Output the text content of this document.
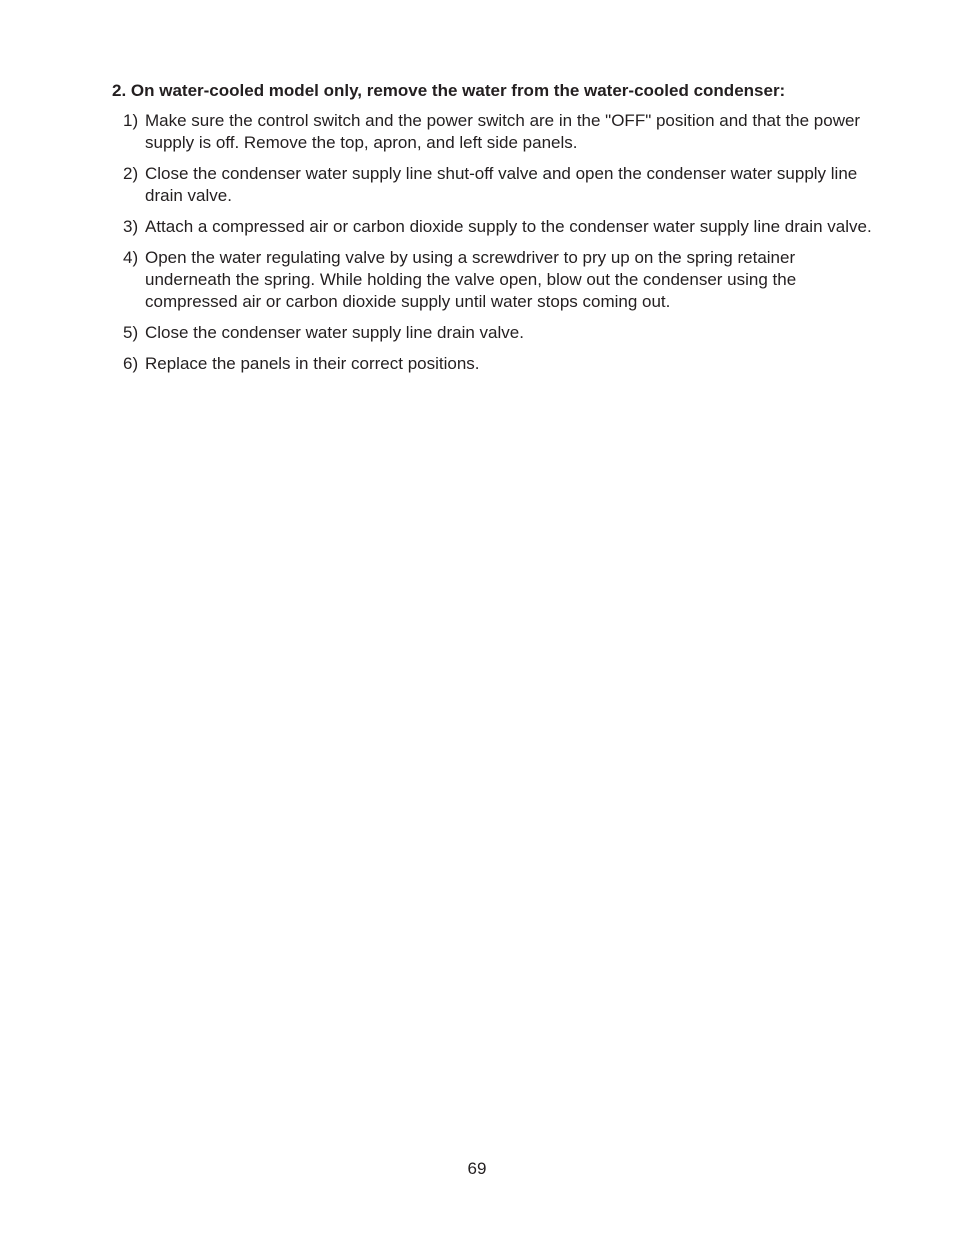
2. On water-cooled model only, remove the water from the water-cooled condenser:
1) Make sure the control switch and the power switch are in the "OFF" position and that the power supply is off. Remove the top, apron, and left side panels.
2) Close the condenser water supply line shut-off valve and open the condenser water supply line drain valve.
3) Attach a compressed air or carbon dioxide supply to the condenser water supply line drain valve.
4) Open the water regulating valve by using a screwdriver to pry up on the spring retainer underneath the spring. While holding the valve open, blow out the condenser using the compressed air or carbon dioxide supply until water stops coming out.
5) Close the condenser water supply line drain valve.
6) Replace the panels in their correct positions.
69
